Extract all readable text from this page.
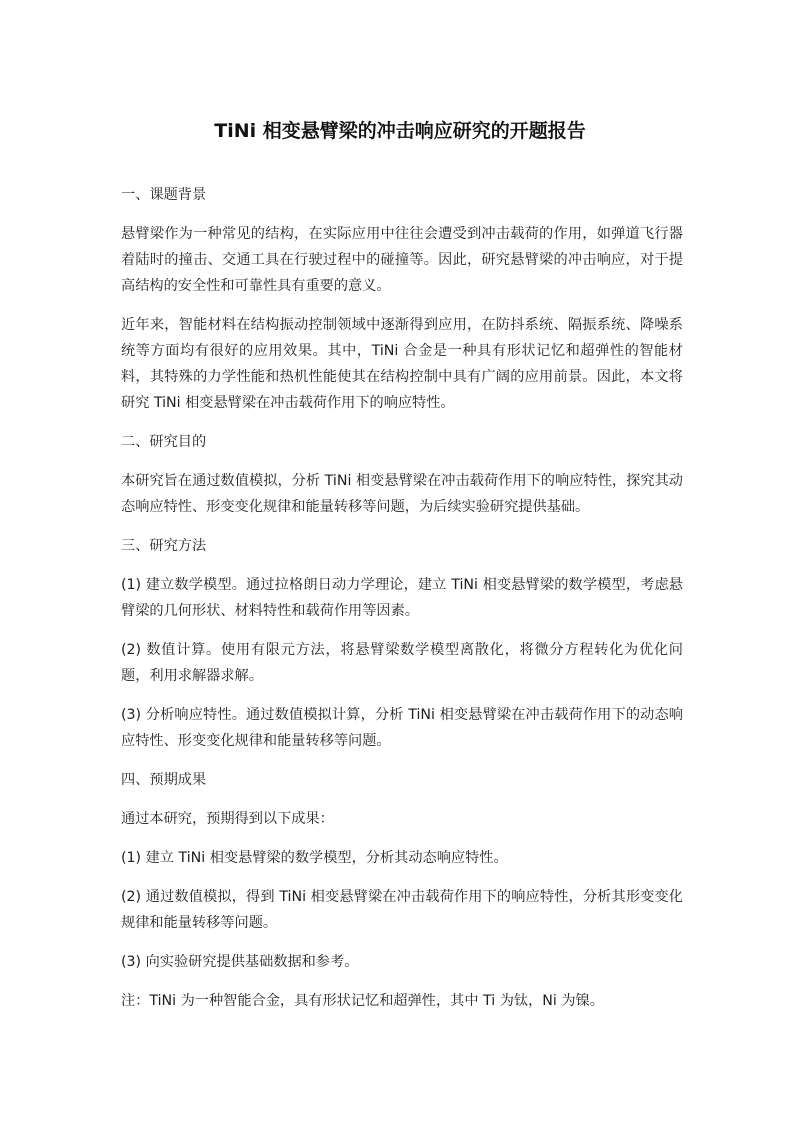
TiNi 相变悬臂梁的冲击响应研究的开题报告
一、课题背景
悬臂梁作为一种常见的结构，在实际应用中往往会遭受到冲击载荷的作用，如弹道飞行器着陆时的撞击、交通工具在行驶过程中的碰撞等。因此，研究悬臂梁的冲击响应，对于提高结构的安全性和可靠性具有重要的意义。
近年来，智能材料在结构振动控制领域中逐渐得到应用，在防抖系统、隔振系统、降噪系统等方面均有很好的应用效果。其中，TiNi 合金是一种具有形状记忆和超弹性的智能材料，其特殊的力学性能和热机性能使其在结构控制中具有广阔的应用前景。因此，本文将研究 TiNi 相变悬臂梁在冲击载荷作用下的响应特性。
二、研究目的
本研究旨在通过数值模拟，分析 TiNi 相变悬臂梁在冲击载荷作用下的响应特性，探究其动态响应特性、形变变化规律和能量转移等问题，为后续实验研究提供基础。
三、研究方法
(1) 建立数学模型。通过拉格朗日动力学理论，建立 TiNi 相变悬臂梁的数学模型，考虑悬臂梁的几何形状、材料特性和载荷作用等因素。
(2) 数值计算。使用有限元方法，将悬臂梁数学模型离散化，将微分方程转化为优化问题，利用求解器求解。
(3) 分析响应特性。通过数值模拟计算，分析 TiNi 相变悬臂梁在冲击载荷作用下的动态响应特性、形变变化规律和能量转移等问题。
四、预期成果
通过本研究，预期得到以下成果：
(1) 建立 TiNi 相变悬臂梁的数学模型，分析其动态响应特性。
(2) 通过数值模拟，得到 TiNi 相变悬臂梁在冲击载荷作用下的响应特性，分析其形变变化规律和能量转移等问题。
(3) 向实验研究提供基础数据和参考。
注：TiNi 为一种智能合金，具有形状记忆和超弹性，其中 Ti 为钛，Ni 为镍。
